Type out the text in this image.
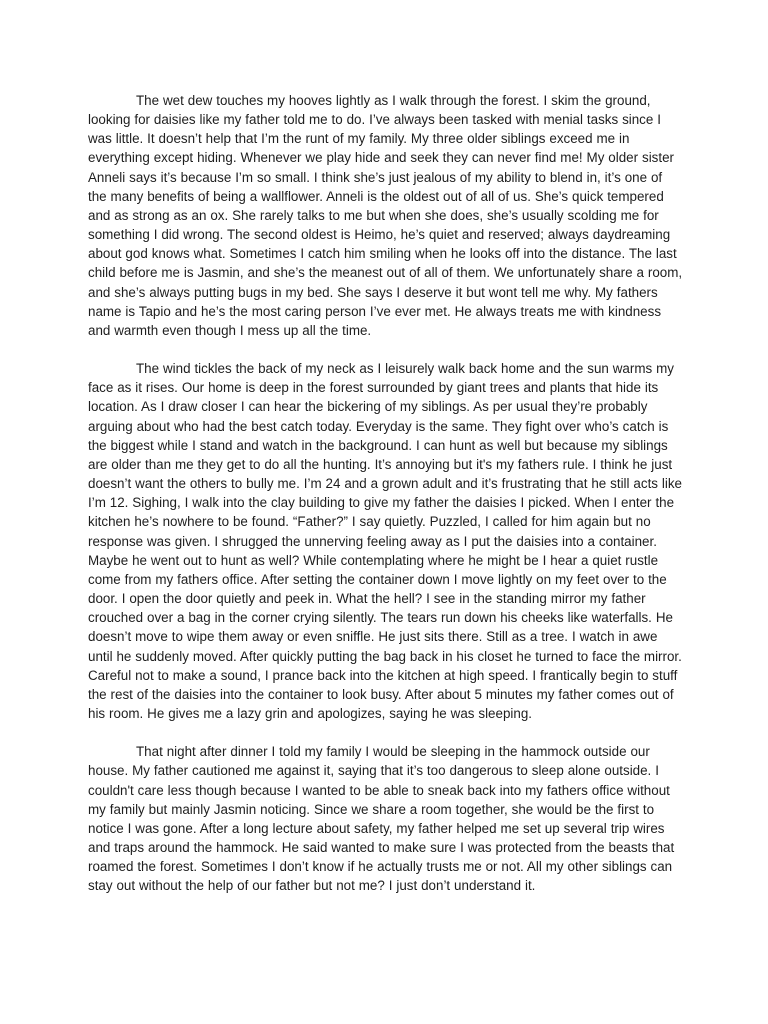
The wet dew touches my hooves lightly as I walk through the forest. I skim the ground, looking for daisies like my father told me to do. I’ve always been tasked with menial tasks since I was little. It doesn’t help that I’m the runt of my family. My three older siblings exceed me in everything except hiding. Whenever we play hide and seek they can never find me! My older sister Anneli says it’s because I’m so small. I think she’s just jealous of my ability to blend in, it’s one of the many benefits of being a wallflower. Anneli is the oldest out of all of us. She’s quick tempered and as strong as an ox. She rarely talks to me but when she does, she’s usually scolding me for something I did wrong. The second oldest is Heimo, he’s quiet and reserved; always daydreaming about god knows what. Sometimes I catch him smiling when he looks off into the distance. The last child before me is Jasmin, and she’s the meanest out of all of them. We unfortunately share a room, and she’s always putting bugs in my bed. She says I deserve it but wont tell me why. My fathers name is Tapio and he’s the most caring person I’ve ever met. He always treats me with kindness and warmth even though I mess up all the time.

The wind tickles the back of my neck as I leisurely walk back home and the sun warms my face as it rises. Our home is deep in the forest surrounded by giant trees and plants that hide its location. As I draw closer I can hear the bickering of my siblings. As per usual they’re probably arguing about who had the best catch today. Everyday is the same. They fight over who’s catch is the biggest while I stand and watch in the background. I can hunt as well but because my siblings are older than me they get to do all the hunting. It’s annoying but it's my fathers rule. I think he just doesn’t want the others to bully me. I’m 24 and a grown adult and it’s frustrating that he still acts like I’m 12. Sighing, I walk into the clay building to give my father the daisies I picked. When I enter the kitchen he’s nowhere to be found. “Father?” I say quietly. Puzzled, I called for him again but no response was given. I shrugged the unnerving feeling away as I put the daisies into a container. Maybe he went out to hunt as well? While contemplating where he might be I hear a quiet rustle come from my fathers office. After setting the container down I move lightly on my feet over to the door. I open the door quietly and peek in. What the hell? I see in the standing mirror my father crouched over a bag in the corner crying silently. The tears run down his cheeks like waterfalls. He doesn’t move to wipe them away or even sniffle. He just sits there. Still as a tree. I watch in awe until he suddenly moved. After quickly putting the bag back in his closet he turned to face the mirror. Careful not to make a sound, I prance back into the kitchen at high speed. I frantically begin to stuff the rest of the daisies into the container to look busy. After about 5 minutes my father comes out of his room. He gives me a lazy grin and apologizes, saying he was sleeping.

That night after dinner I told my family I would be sleeping in the hammock outside our house. My father cautioned me against it, saying that it’s too dangerous to sleep alone outside. I couldn't care less though because I wanted to be able to sneak back into my fathers office without my family but mainly Jasmin noticing. Since we share a room together, she would be the first to notice I was gone. After a long lecture about safety, my father helped me set up several trip wires and traps around the hammock. He said wanted to make sure I was protected from the beasts that roamed the forest. Sometimes I don’t know if he actually trusts me or not. All my other siblings can stay out without the help of our father but not me? I just don’t understand it.
